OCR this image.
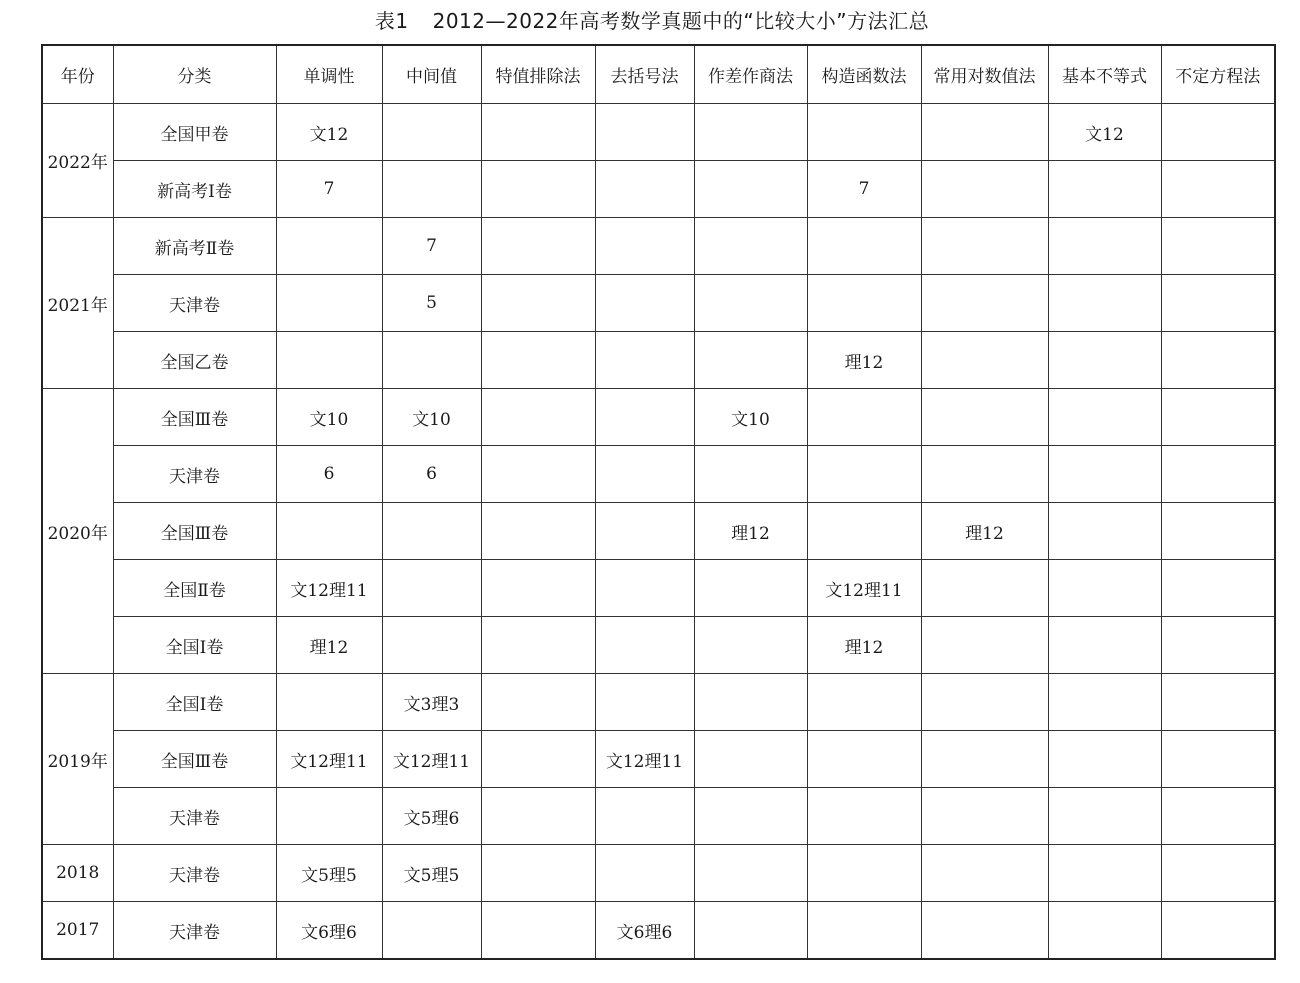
表1 2012—2022年高考数学真题中的“比较大小”方法汇总
年份	分类	单调性	中间值	特值排除法	去括号法	作差作商法	构造函数法	常用对数值法	基本不等式	不定方程法
2022年	全国甲卷	文12							文12	
	新高考Ⅰ卷	7					7			
2021年	新高考Ⅱ卷		7							
	天津卷		5							
	全国乙卷						理12			
2020年	全国Ⅲ卷	文10	文10			文10				
	天津卷	6	6							
	全国Ⅲ卷					理12		理12		
	全国Ⅱ卷	文12理11					文12理11			
	全国Ⅰ卷	理12					理12			
2019年	全国Ⅰ卷		文3理3							
	全国Ⅲ卷	文12理11	文12理11		文12理11					
	天津卷		文5理6							
2018	天津卷	文5理5	文5理5							
2017	天津卷	文6理6			文6理6					
